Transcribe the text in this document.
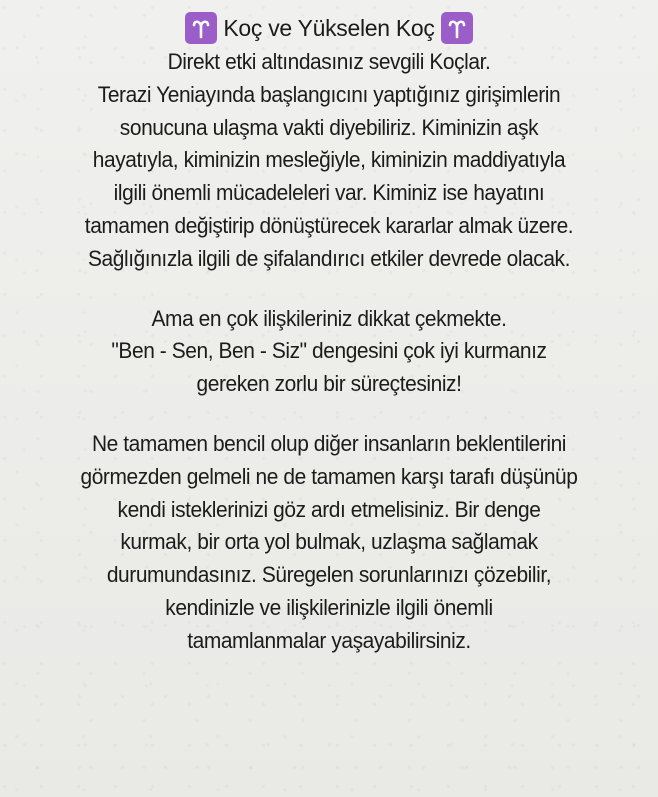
Koç ve Yükselen Koç

Direkt etki altındasınız sevgili Koçlar.
Terazi Yeniayında başlangıcını yaptığınız girişimlerin
sonucuna ulaşma vakti diyebiliriz. Kiminizin aşk
hayatıyla, kiminizin mesleğiyle, kiminizin maddiyatıyla
ilgili önemli mücadeleleri var. Kiminiz ise hayatını
tamamen değiştirip dönüştürecek kararlar almak üzere.
Sağlığınızla ilgili de şifalandırıcı etkiler devrede olacak.

Ama en çok ilişkileriniz dikkat çekmekte.
"Ben - Sen, Ben - Siz" dengesini çok iyi kurmanız
gereken zorlu bir süreçtesiniz!

Ne tamamen bencil olup diğer insanların beklentilerini
görmezden gelmeli ne de tamamen karşı tarafı düşünüp
kendi isteklerinizi göz ardı etmelisiniz. Bir denge
kurmak, bir orta yol bulmak, uzlaşma sağlamak
durumundasınız. Süregelen sorunlarınızı çözebilir,
kendinizle ve ilişkilerinizle ilgili önemli
tamamlanmalar yaşayabilirsiniz.
